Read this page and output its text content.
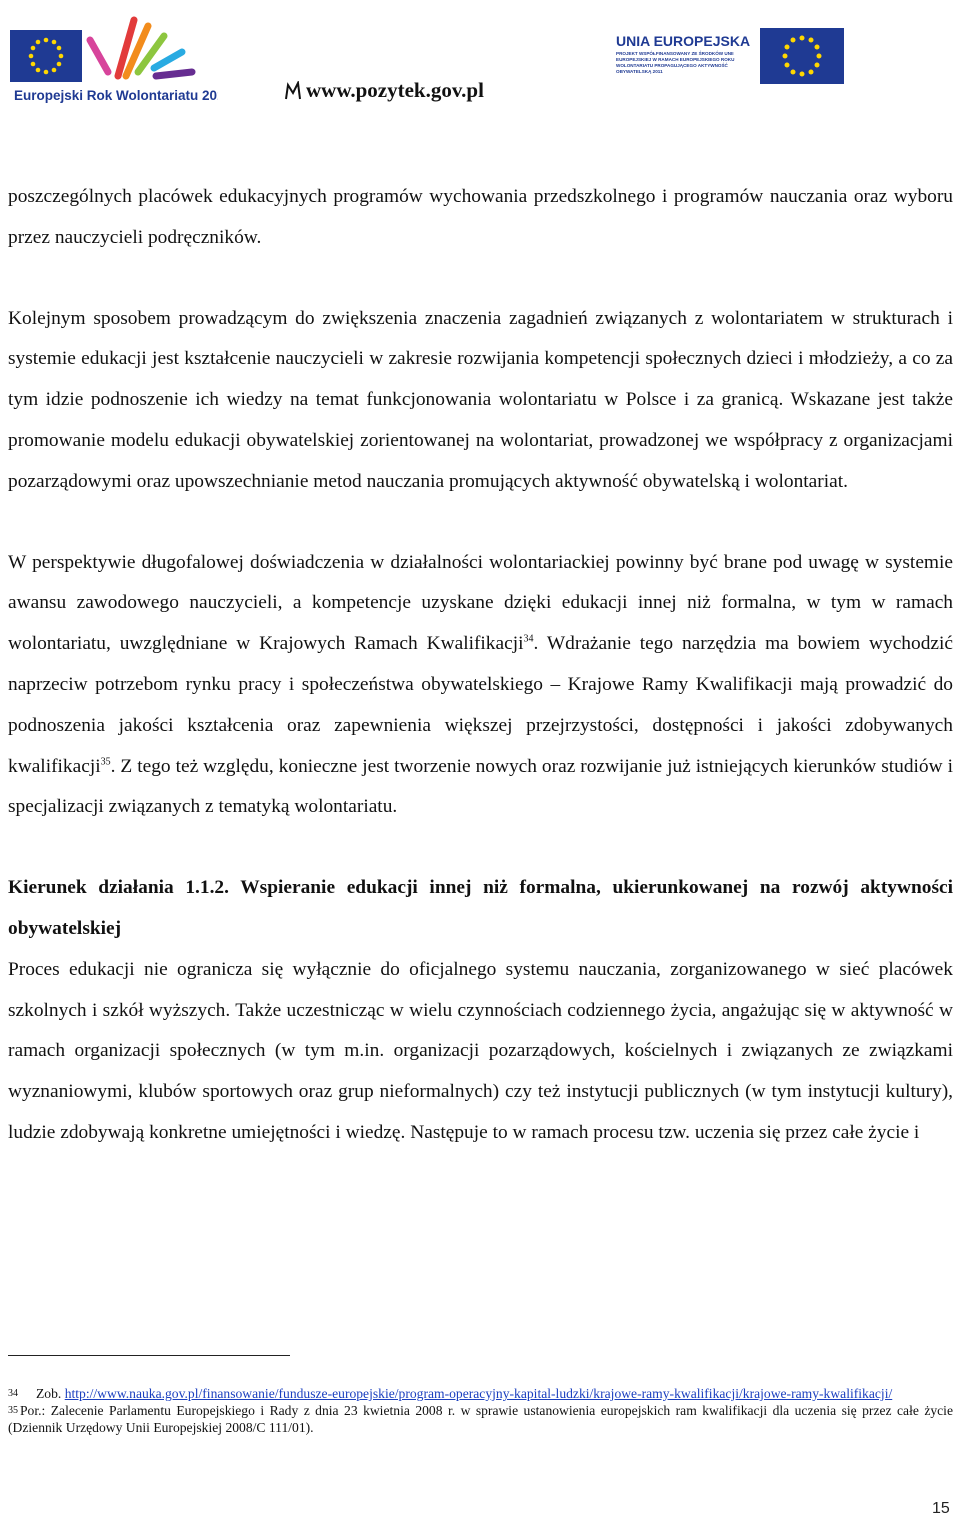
Europejski Rok Wolontariatu 2011	www.pozytek.gov.pl
UNIA EUROPEJSKA
PROJEKT WSPÓŁFINANSOWANY ZE ŚRODKÓW UNII
EUROPEJSKIEJ W RAMACH EUROPEJSKIEGO ROKU
WOLONTARIATU PROPAGUJĄCEGO AKTYWNOŚĆ
OBYWATELSKĄ 2011

poszczególnych placówek edukacyjnych programów wychowania przedszkolnego i programów nauczania oraz wyboru przez nauczycieli podręczników.

Kolejnym sposobem prowadzącym do zwiększenia znaczenia zagadnień związanych z wolontariatem w strukturach i systemie edukacji jest kształcenie nauczycieli w zakresie rozwijania kompetencji społecznych dzieci i młodzieży, a co za tym idzie podnoszenie ich wiedzy na temat funkcjonowania wolontariatu w Polsce i za granicą. Wskazane jest także promowanie modelu edukacji obywatelskiej zorientowanej na wolontariat, prowadzonej we współpracy z organizacjami pozarządowymi oraz upowszechnianie metod nauczania promujących aktywność obywatelską i wolontariat.

W perspektywie długofalowej doświadczenia w działalności wolontariackiej powinny być brane pod uwagę w systemie awansu zawodowego nauczycieli, a kompetencje uzyskane dzięki edukacji innej niż formalna, w tym w ramach wolontariatu, uwzględniane w Krajowych Ramach Kwalifikacji$^{34}$. Wdrażanie tego narzędzia ma bowiem wychodzić naprzeciw potrzebom rynku pracy i społeczeństwa obywatelskiego – Krajowe Ramy Kwalifikacji mają prowadzić do podnoszenia jakości kształcenia oraz zapewnienia większej przejrzystości, dostępności i jakości zdobywanych kwalifikacji$^{35}$. Z tego też względu, konieczne jest tworzenie nowych oraz rozwijanie już istniejących kierunków studiów i specjalizacji związanych z tematyką wolontariatu.

Kierunek działania 1.1.2. Wspieranie edukacji innej niż formalna, ukierunkowanej na rozwój aktywności obywatelskiej

Proces edukacji nie ogranicza się wyłącznie do oficjalnego systemu nauczania, zorganizowanego w sieć placówek szkolnych i szkół wyższych. Także uczestnicząc w wielu czynnościach codziennego życia, angażując się w aktywność w ramach organizacji społecznych (w tym m.in. organizacji pozarządowych, kościelnych i związanych ze związkami wyznaniowymi, klubów sportowych oraz grup nieformalnych) czy też instytucji publicznych (w tym instytucji kultury), ludzie zdobywają konkretne umiejętności i wiedzę. Następuje to w ramach procesu tzw. uczenia się przez całe życie i

$^{34}$ Zob. http://www.nauka.gov.pl/finansowanie/fundusze-europejskie/program-operacyjny-kapital-ludzki/krajowe-ramy-kwalifikacji/krajowe-ramy-kwalifikacji/

$^{35}$ Por.: Zalecenie Parlamentu Europejskiego i Rady z dnia 23 kwietnia 2008 r. w sprawie ustanowienia europejskich ram kwalifikacji dla uczenia się przez całe życie (Dziennik Urzędowy Unii Europejskiej 2008/C 111/01).

15
